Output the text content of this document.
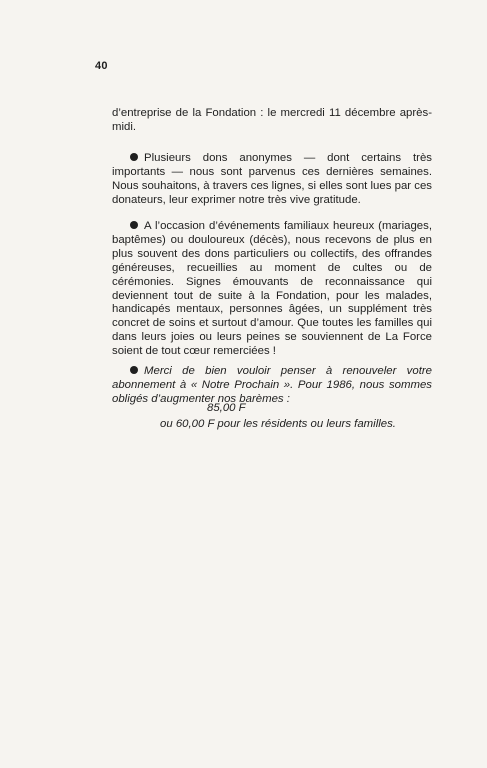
40
d’entreprise de la Fondation : le mercredi 11 décembre après-midi.
Plusieurs dons anonymes — dont certains très importants — nous sont parvenus ces dernières semaines. Nous souhaitons, à travers ces lignes, si elles sont lues par ces donateurs, leur exprimer notre très vive gratitude.
A l’occasion d’événements familiaux heureux (mariages, baptêmes) ou douloureux (décès), nous recevons de plus en plus souvent des dons particuliers ou collectifs, des offrandes généreuses, recueillies au moment de cultes ou de cérémonies. Signes émouvants de reconnaissance qui deviennent tout de suite à la Fondation, pour les malades, handicapés mentaux, personnes âgées, un supplément très concret de soins et surtout d’amour. Que toutes les familles qui dans leurs joies ou leurs peines se souviennent de La Force soient de tout cœur remerciées !
Merci de bien vouloir penser à renouveler votre abonnement à « Notre Prochain ». Pour 1986, nous sommes obligés d’augmenter nos barèmes :
85,00 F
ou 60,00 F pour les résidents ou leurs familles.
